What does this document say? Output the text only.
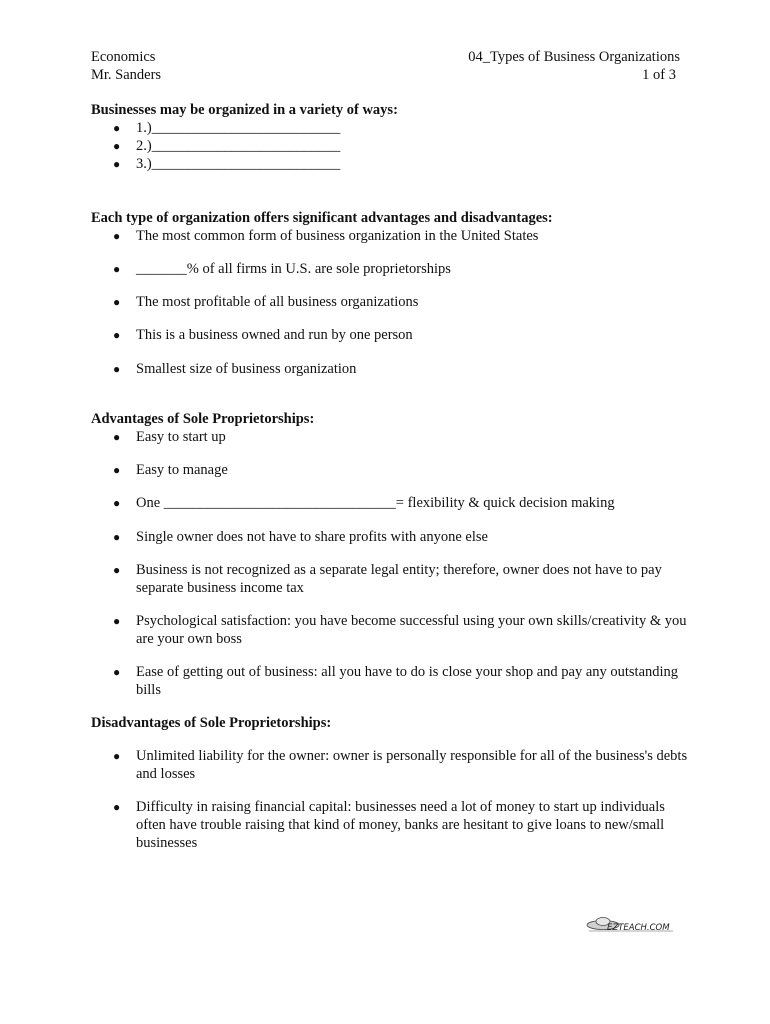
Economics	04_Types of Business Organizations
Mr. Sanders	1 of 3
Businesses may be organized in a variety of ways:
● 1.)__________________________
● 2.)__________________________
● 3.)__________________________
Each type of organization offers significant advantages and disadvantages:
● The most common form of business organization in the United States
● _______% of all firms in U.S. are sole proprietorships
● The most profitable of all business organizations
● This is a business owned and run by one person
● Smallest size of business organization
Advantages of Sole Proprietorships:
● Easy to start up
● Easy to manage
● One ________________________________= flexibility & quick decision making
● Single owner does not have to share profits with anyone else
● Business is not recognized as a separate legal entity; therefore, owner does not have to pay separate business income tax
● Psychological satisfaction: you have become successful using your own skills/creativity & you are your own boss
● Ease of getting out of business: all you have to do is close your shop and pay any outstanding bills
Disadvantages of Sole Proprietorships:
● Unlimited liability for the owner: owner is personally responsible for all of the business's debts and losses
● Difficulty in raising financial capital: businesses need a lot of money to start up individuals often have trouble raising that kind of money, banks are hesitant to give loans to new/small businesses
EZTEACH.COM
